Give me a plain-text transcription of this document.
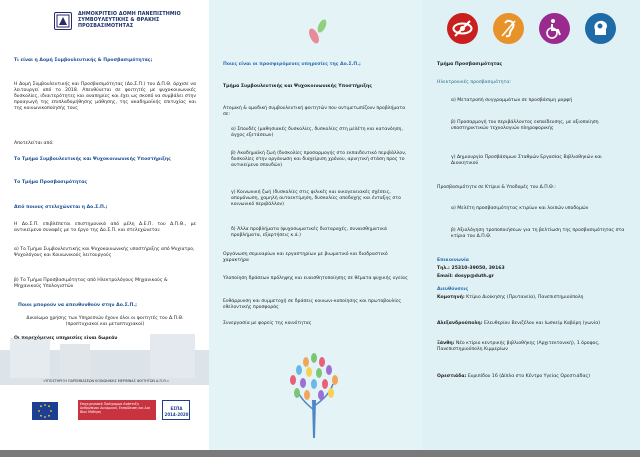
ΔΗΜΟΚΡΙΤΕΙΟ ΔΟΜΗ ΠΑΝΕΠΙΣΤΗΜΙΟ ΣΥΜΒΟΥΛΕΥΤΙΚΗΣ & ΘΡΑΚΗΣ ΠΡΟΣΒΑΣΙΜΟΤΗΤΑΣ
Τι είναι η Δομή Συμβουλευτικής & Προσβασιμότητας;
Η Δομή Συμβουλευτικής και Προσβασιμότητας (Δο.Σ.Π.) του Δ.Π.Θ. άρχισε να λειτουργεί από το 2018. Απευθύνεται σε φοιτητές με ψυχοκοινωνικές δυσκολίες, ιδιαιτερότητες και αναπηρίες και έχει ως σκοπό να συμβάλει στην προαγωγή της επιπλαδομήθησης μάθησης, της ακαδημαϊκής επιτυχίας και της κοινωνικοποίησής τους
Αποτελείται από:
Το Τμήμα Συμβουλευτικής και Ψυχοκοινωνικής Υποστήριξης
Το Τμήμα Προσβασιμότητας
Από ποιους στελεχώνεται η Δο.Σ.Π.;
Η Δο.Σ.Π. επιβλέπεται επιστημονικά από μέλη Δ.Ε.Π. του Δ.Π.Θ., με αντικείμενο συναφές με το έργο της Δο.Σ.Π. και στελεχώνεται:
α) Το Τμήμα Συμβουλευτικής και Ψυχοκοινωνικής υποστήριξης από Ψυχίατρο, Ψυχολόγους και Κοινωνικούς λειτουργούς
β) Το Τμήμα Προσβασιμότητας από Ηλεκτρολόγους Μηχανικούς & Μηχανικούς Υπολογιστών
Ποιοι μπορούν να απευθυνθούν στην Δο.Σ.Π.;
Δικαίωμα χρήσης των Υπηρεσιών έχουν όλοι οι φοιτητές του Δ.Π.Θ. (προπτυχιακοί και μεταπτυχιακοί)
Οι παρεχόμενες υπηρεσίες είναι δωρεάν
«ΥΠΟΣΤΗΡΙΞΗ ΠΑΡΕΜΒΑΣΕΩΝ ΚΟΙΝΩΝΙΚΗΣ ΜΕΡΙΜΝΑΣ ΦΟΙΤΗΤΩΝ Δ.Π.Θ.»
Επιχειρησιακό Πρόγραμμα Ανάπτυξη Ανθρώπινου Δυναμικού, Εκπαίδευση και Δια Βίου Μάθηση
ΕΣΠΑ 2014-2020
Ποιες είναι οι προσφερόμενες υπηρεσίες της Δο.Σ.Π.;
Τμήμα Συμβουλευτικής και Ψυχοκοινωνικής Υποστήριξης
Ατομική & ομαδική συμβουλευτική φοιτητών που αντιμετωπίζουν προβλήματα σε:
α) Σπουδές (μαθησιακές δυσκολίες, δυσκολίες στη μελέτη και κατανόηση, άγχος εξετάσεων)
β) Ακαδημαϊκή ζωή (δυσκολίες προσαρμογής στο εκπαιδευτικό περιβάλλον, δυσκολίες στην οργάνωση και διαχείριση χρόνου, αρνητική στάση προς το αντικείμενο σπουδών)
γ) Κοινωνική ζωή (δυσκολίες στις φιλικές και οικογενειακές σχέσεις, απομόνωση, χαμηλή αυτοεκτίμηση, δυσκολίες αποδοχής και ένταξης στο κοινωνικό περιβάλλον)
δ) Άλλα προβλήματα (ψυχοσωματικές διαταραχές, συναισθηματικά προβλήματα, εξαρτήσεις κ.ά.)
Οργάνωση σεμιναρίων και εργαστηρίων με βιωματικό και διαδραστικό χαρακτήρα
Υλοποίηση δράσεων πρόληψης και ευαισθητοποίησης σε θέματα ψυχικής υγείας
Ενθάρρυνση και συμμετοχή σε δράσεις κοινωνι-κοποίησης και πρωτοβουλίες εθελοντικής προσφοράς
Συνεργασία με φορείς της κοινότητας
Τμήμα Προσβασιμότητας
Ηλεκτρονικές προσβασιμότητα:
α) Μετατροπή συγγραμμάτων σε προσβάσιμη μορφή
β) Προσαρμογή του περιβάλλοντος εκπαίδευσης, με αξιοποίηση υποστηρικτικών τεχνολογιών πληροφορικής
γ) Δημιουργία Προσβάσιμων Σταθμών Εργασίας Βιβλιοθηκών και Διοικητικού
Προσβασιμότητα σε Κτίρια & Υποδομές του Δ.Π.Θ.:
α) Μελέτη προσβασιμότητας κτιρίων και λοιπών υποδομών
β) Αξιολόγηση τροποποιήσεων για τη βελτίωση της προσβασιμότητας στα κτίρια του Δ.Π.Θ.
Επικοινωνία
Τηλ.: 25310-39050, 39163
Email: dosyp@duth.gr
Διευθύνσεις
Κομοτηνή: Κτίριο Διοίκησης (Πρυτανεία), Πανεπιστημιούπολη
Αλεξανδρούπολη: Ελευθερίου Βενιζέλου και Ιωσκείμ Καβύρη (γωνία)
Ξάνθη: Νέο κτίριο κεντρικής βιβλιοθήκης (Αρχιτεκτονική), 1 όροφος, Πανεπιστημιούπολη Κιμμερίων
Ορεστιάδα: Ευριπίδου 16 (Δίπλα στο Κέντρο Υγείας Ορεστιάδας)
